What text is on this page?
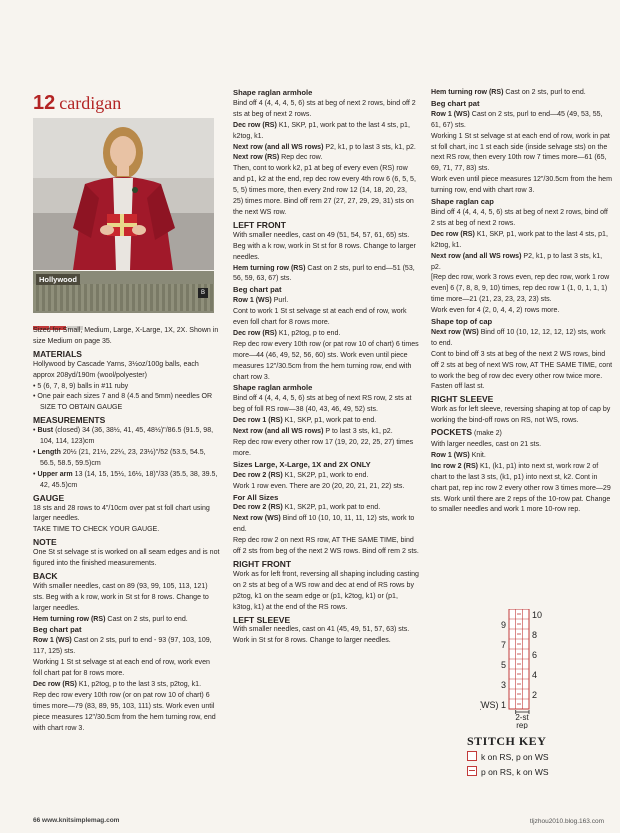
12 cardigan
Hollywood
B

Sized for Small, Medium, Large, X-Large, 1X, 2X. Shown in size Medium on page 35.

MATERIALS

Hollywood by Cascade Yarns, 3½oz/100g balls, each approx 208yd/190m (wool/polyester)

• 5 (6, 7, 8, 9) balls in #11 ruby

• One pair each sizes 7 and 8 (4.5 and 5mm) needles OR SIZE TO OBTAIN GAUGE

MEASUREMENTS

• Bust (closed) 34 (36, 38½, 41, 45, 48½)"/86.5 (91.5, 98, 104, 114, 123)cm

• Length 20½ (21, 21½, 22¼, 23, 23½)"/52 (53.5, 54.5, 56.5, 58.5, 59.5)cm

• Upper arm 13 (14, 15, 15½, 16½, 18)"/33 (35.5, 38, 39.5, 42, 45.5)cm

GAUGE

18 sts and 28 rows to 4"/10cm over pat st foll chart using larger needles.

TAKE TIME TO CHECK YOUR GAUGE.

NOTE

One St st selvage st is worked on all seam edges and is not figured into the finished measurements.

BACK

With smaller needles, cast on 89 (93, 99, 105, 113, 121) sts. Beg with a k row, work in St st for 8 rows. Change to larger needles.

Hem turning row (RS) Cast on 2 sts, purl to end.

Beg chart pat

Row 1 (WS) Cast on 2 sts, purl to end - 93 (97, 103, 109, 117, 125) sts.

Working 1 St st selvage st at each end of row, work even foll chart pat for 8 rows more.

Dec row (RS) K1, p2tog, p to the last 3 sts, p2tog, k1.

Rep dec row every 10th row (or on pat row 10 of chart) 6 times more—79 (83, 89, 95, 103, 111) sts. Work even until piece measures 12"/30.5cm from the hem turning row, end with chart row 3.

Shape raglan armhole

Bind off 4 (4, 4, 4, 5, 6) sts at beg of next 2 rows, bind off 2 sts at beg of next 2 rows.

Dec row (RS) K1, SKP, p1, work pat to the last 4 sts, p1, k2tog, k1.

Next row (and all WS rows) P2, k1, p to last 3 sts, k1, p2.

Next row (RS) Rep dec row.

Then, cont to work k2, p1 at beg of every even (RS) row and p1, k2 at the end, rep dec row every 4th row 6 (6, 5, 5, 5, 5) times more, then every 2nd row 12 (14, 18, 20, 23, 25) times more. Bind off rem 27 (27, 27, 29, 29, 31) sts on the next WS row.

LEFT FRONT

With smaller needles, cast on 49 (51, 54, 57, 61, 65) sts. Beg with a k row, work in St st for 8 rows. Change to larger needles.

Hem turning row (RS) Cast on 2 sts, purl to end—51 (53, 56, 59, 63, 67) sts.

Beg chart pat

Row 1 (WS) Purl.

Cont to work 1 St st selvage st at each end of row, work even foll chart for 8 rows more.

Dec row (RS) K1, p2tog, p to end.

Rep dec row every 10th row (or pat row 10 of chart) 6 times more—44 (46, 49, 52, 56, 60) sts. Work even until piece measures 12"/30.5cm from the hem turning row, end with chart row 3.

Shape raglan armhole

Bind off 4 (4, 4, 4, 5, 6) sts at beg of next RS row, 2 sts at beg of foll RS row—38 (40, 43, 46, 49, 52) sts.

Dec row 1 (RS) K1, SKP, p1, work pat to end.

Next row (and all WS rows) P to last 3 sts, k1, p2.

Rep dec row every other row 17 (19, 20, 22, 25, 27) times more.

Sizes Large, X-Large, 1X and 2X ONLY

Dec row 2 (RS) K1, SK2P, p1, work to end.

Work 1 row even. There are 20 (20, 20, 21, 21, 22) sts.

For All Sizes

Dec row 2 (RS) K1, SK2P, p1, work pat to end.

Next row (WS) Bind off 10 (10, 10, 11, 11, 12) sts, work to end.

Rep dec row 2 on next RS row, AT THE SAME TIME, bind off 2 sts from beg of the next 2 WS rows. Bind off rem 2 sts.

RIGHT FRONT

Work as for left front, reversing all shaping including casting on 2 sts at beg of a WS row and dec at end of RS rows by p2tog, k1 on the seam edge or (p1, k2tog, k1) or (p1, k3tog, k1) at the end of the RS rows.

LEFT SLEEVE

With smaller needles, cast on 41 (45, 49, 51, 57, 63) sts. Work in St st for 8 rows. Change to larger needles.

Hem turning row (RS) Cast on 2 sts, purl to end.

Beg chart pat

Row 1 (WS) Cast on 2 sts, purl to end—45 (49, 53, 55, 61, 67) sts.

Working 1 St st selvage st at each end of row, work in pat st foll chart, inc 1 st each side (inside selvage sts) on the next RS row, then every 10th row 7 times more—61 (65, 69, 71, 77, 83) sts.

Work even until piece measures 12"/30.5cm from the hem turning row, end with chart row 3.

Shape raglan cap

Bind off 4 (4, 4, 4, 5, 6) sts at beg of next 2 rows, bind off 2 sts at beg of next 2 rows.

Dec row (RS) K1, SKP, p1, work pat to the last 4 sts, p1, k2tog, k1.

Next row (and all WS rows) P2, k1, p to last 3 sts, k1, p2.

[Rep dec row, work 3 rows even, rep dec row, work 1 row even] 6 (7, 8, 8, 9, 10) times, rep dec row 1 (1, 0, 1, 1, 1) time more—21 (21, 23, 23, 23, 23) sts.

Work even for 4 (2, 0, 4, 4, 2) rows more.

Shape top of cap

Next row (WS) Bind off 10 (10, 12, 12, 12, 12) sts, work to end.

Cont to bind off 3 sts at beg of the next 2 WS rows, bind off 2 sts at beg of next WS row, AT THE SAME TIME, cont to work the beg of row dec every other row twice more. Fasten off last st.

RIGHT SLEEVE

Work as for left sleeve, reversing shaping at top of cap by working the bind-off rows on RS, not WS, rows.

POCKETS (make 2)

With larger needles, cast on 21 sts.

Row 1 (WS) Knit.

Inc row 2 (RS) K1, (k1, p1) into next st, work row 2 of chart to the last 3 sts, (k1, p1) into next st, k2. Cont in chart pat, rep inc row 2 every other row 3 times more—29 sts. Work until there are 2 reps of the 10-row pat. Change to smaller needles and work 1 more 10-row rep.

10
8
6
4
2
9
7
5
3
(WS) 1
2-st
rep
STITCH KEY
k on RS, p on WS
p on RS, k on WS
66 www.knitsimplemag.com	tljzhou2010.blog.163.com
